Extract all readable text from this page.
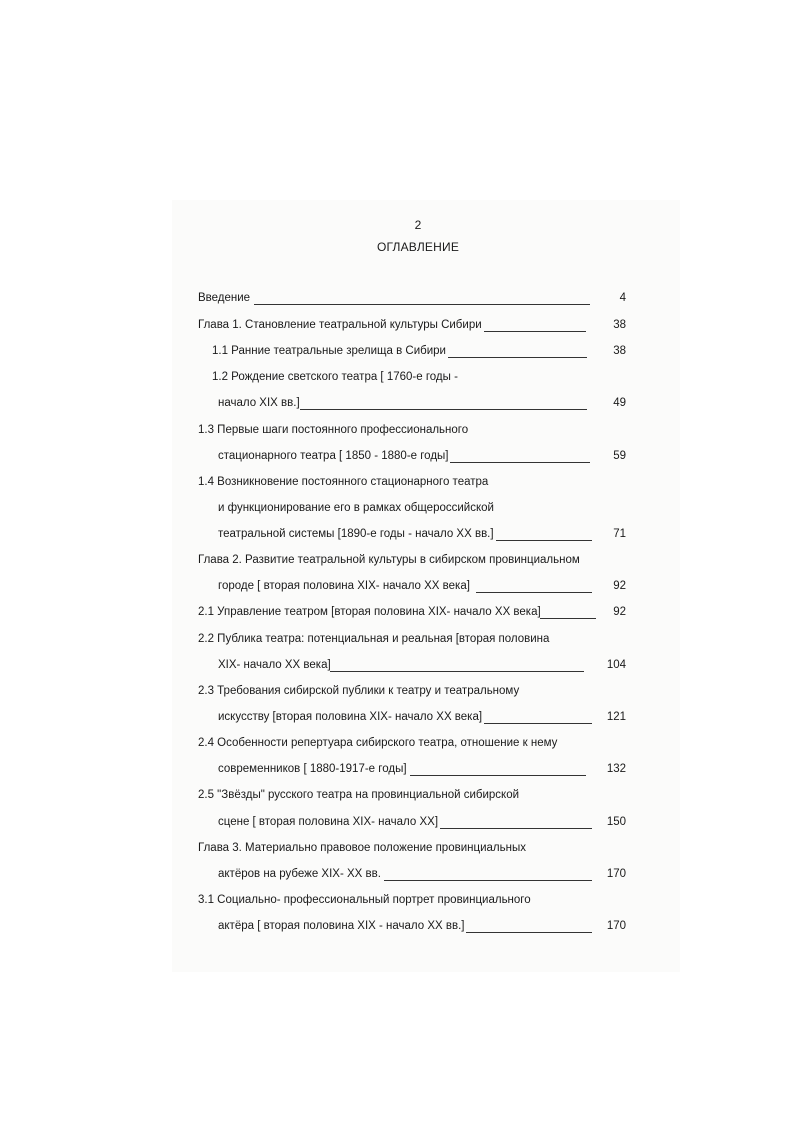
2
ОГЛАВЛЕНИЕ
Введение	4
Глава 1. Становление театральной культуры Сибири	38
1.1 Ранние театральные зрелища в Сибири	38
1.2 Рождение светского театра [ 1760-е годы -
начало XIX вв.]	49
1.3 Первые шаги постоянного профессионального
стационарного театра [ 1850 - 1880-е годы]	59
1.4 Возникновение постоянного стационарного театра
и функционирование его в рамках общероссийской
театральной системы [1890-е годы - начало XX вв.]	71
Глава 2. Развитие театральной культуры в сибирском провинциальном
городе [ вторая половина XIX- начало XX века]	92
2.1 Управление театром [вторая половина XIX- начало XX века]	92
2.2 Публика театра: потенциальная и реальная [вторая половина
XIX- начало XX века]	104
2.3 Требования сибирской публики к театру и театральному
искусству [вторая половина XIX- начало XX века]	121
2.4 Особенности репертуара сибирского театра, отношение к нему
современников [ 1880-1917-е годы]	132
2.5 "Звёзды" русского театра на провинциальной сибирской
сцене [ вторая половина XIX- начало XX]	150
Глава 3. Материально правовое положение провинциальных
актёров на рубеже XIX- XX вв.	170
3.1 Социально- профессиональный портрет провинциального
актёра [ вторая половина XIX - начало XX вв.]	170
